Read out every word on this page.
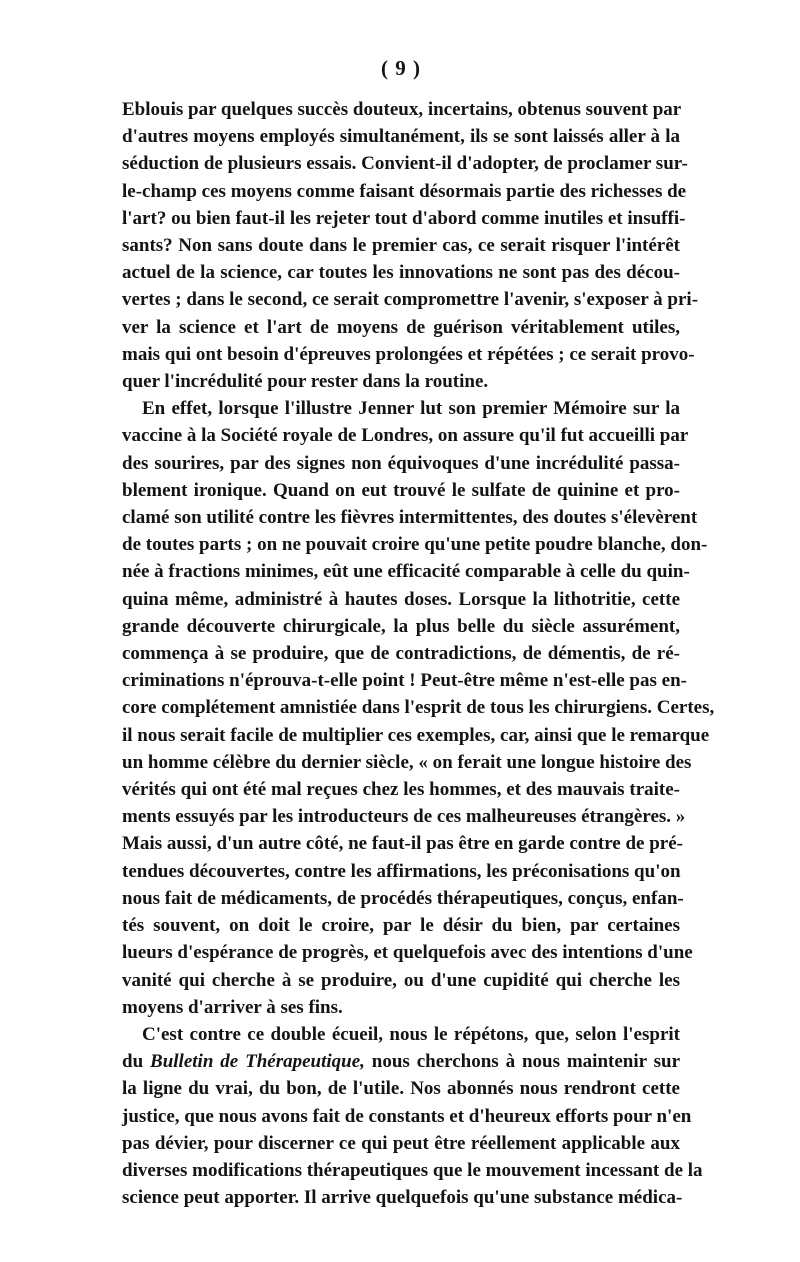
( 9 )

Eblouis par quelques succès douteux, incertains, obtenus souvent par
d'autres moyens employés simultanément, ils se sont laissés aller à la
séduction de plusieurs essais. Convient-il d'adopter, de proclamer sur-
le-champ ces moyens comme faisant désormais partie des richesses de
l'art? ou bien faut-il les rejeter tout d'abord comme inutiles et insuffi-
sants? Non sans doute dans le premier cas, ce serait risquer l'intérêt
actuel de la science, car toutes les innovations ne sont pas des décou-
vertes ; dans le second, ce serait compromettre l'avenir, s'exposer à pri-
ver la science et l'art de moyens de guérison véritablement utiles,
mais qui ont besoin d'épreuves prolongées et répétées ; ce serait provo-
quer l'incrédulité pour rester dans la routine.

En effet, lorsque l'illustre Jenner lut son premier Mémoire sur la
vaccine à la Société royale de Londres, on assure qu'il fut accueilli par
des sourires, par des signes non équivoques d'une incrédulité passa-
blement ironique. Quand on eut trouvé le sulfate de quinine et pro-
clamé son utilité contre les fièvres intermittentes, des doutes s'élevèrent
de toutes parts ; on ne pouvait croire qu'une petite poudre blanche, don-
née à fractions minimes, eût une efficacité comparable à celle du quin-
quina même, administré à hautes doses. Lorsque la lithotritie, cette
grande découverte chirurgicale, la plus belle du siècle assurément,
commença à se produire, que de contradictions, de démentis, de ré-
criminations n'éprouva-t-elle point ! Peut-être même n'est-elle pas en-
core complétement amnistiée dans l'esprit de tous les chirurgiens. Certes,
il nous serait facile de multiplier ces exemples, car, ainsi que le remarque
un homme célèbre du dernier siècle, « on ferait une longue histoire des
vérités qui ont été mal reçues chez les hommes, et des mauvais traite-
ments essuyés par les introducteurs de ces malheureuses étrangères. »
Mais aussi, d'un autre côté, ne faut-il pas être en garde contre de pré-
tendues découvertes, contre les affirmations, les préconisations qu'on
nous fait de médicaments, de procédés thérapeutiques, conçus, enfan-
tés souvent, on doit le croire, par le désir du bien, par certaines
lueurs d'espérance de progrès, et quelquefois avec des intentions d'une
vanité qui cherche à se produire, ou d'une cupidité qui cherche les
moyens d'arriver à ses fins.

C'est contre ce double écueil, nous le répétons, que, selon l'esprit
du Bulletin de Thérapeutique, nous cherchons à nous maintenir sur
la ligne du vrai, du bon, de l'utile. Nos abonnés nous rendront cette
justice, que nous avons fait de constants et d'heureux efforts pour n'en
pas dévier, pour discerner ce qui peut être réellement applicable aux
diverses modifications thérapeutiques que le mouvement incessant de la
science peut apporter. Il arrive quelquefois qu'une substance médica-
